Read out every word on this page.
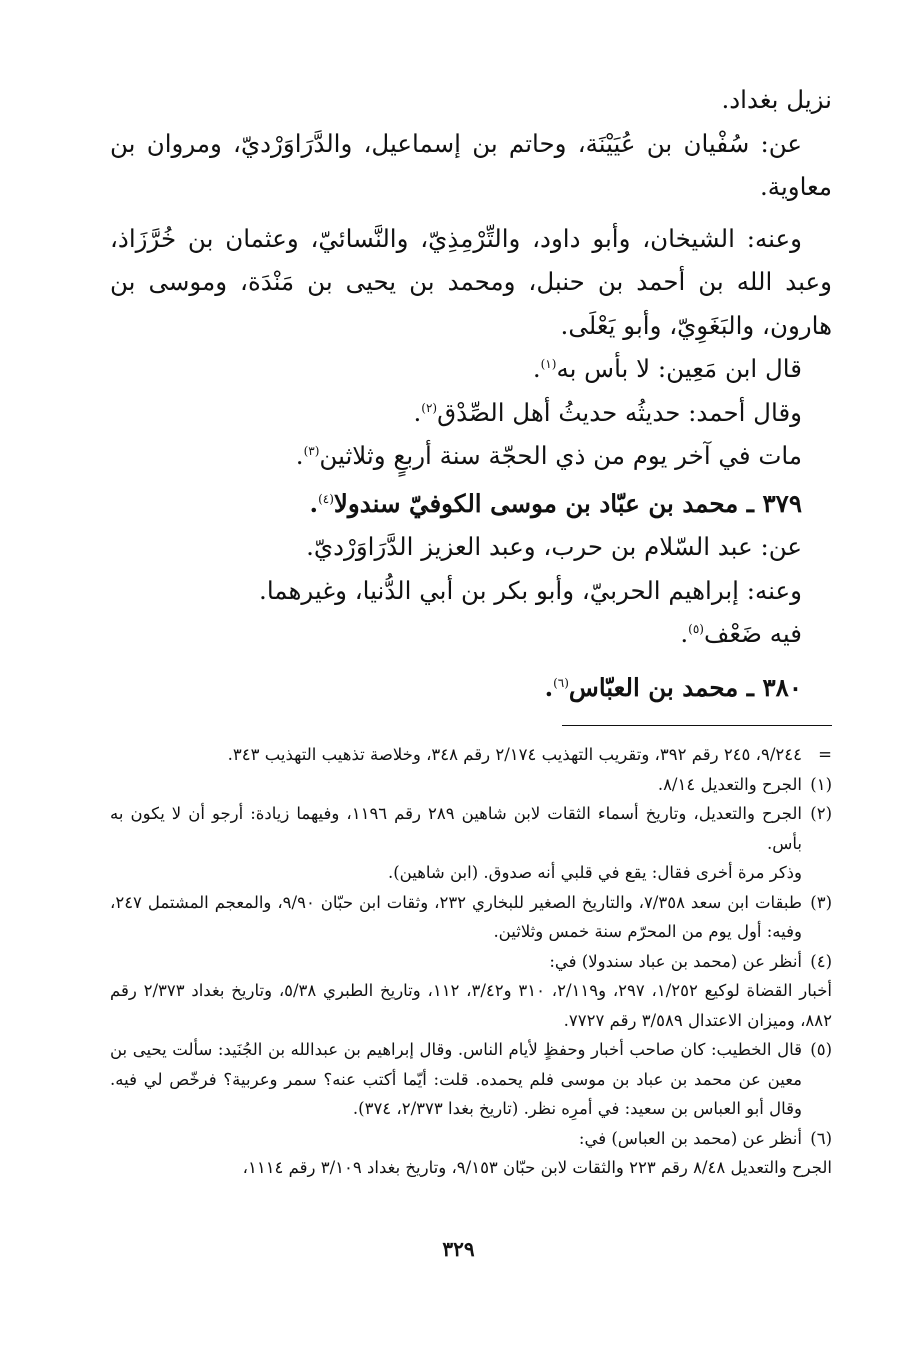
نزيل بغداد.

عن: سُفْيان بن عُيَيْنَة، وحاتم بن إسماعيل، والدَّرَاوَرْديّ، ومروان بن معاوية.

وعنه: الشيخان، وأبو داود، والتِّرْمِذِيّ، والنَّسائيّ، وعثمان بن خُرَّزَاذ، وعبد الله بن أحمد بن حنبل، ومحمد بن يحيى بن مَنْدَة، وموسى بن هارون، والبَغَوِيّ، وأبو يَعْلَى.

قال ابن مَعِين: لا بأس به$^{(١)}$.

وقال أحمد: حديثُه حديثُ أهل الصِّدْق$^{(٢)}$.

مات في آخر يوم من ذي الحجّة سنة أربعٍ وثلاثين$^{(٣)}$.

٣٧٩ ـ محمد بن عبّاد بن موسى الكوفيّ سندولا$^{(٤)}$.

عن: عبد السّلام بن حرب، وعبد العزيز الدَّرَاوَرْديّ.

وعنه: إبراهيم الحربيّ، وأبو بكر بن أبي الدُّنيا، وغيرهما.

فيه ضَعْف$^{(٥)}$.

٣٨٠ ـ محمد بن العبّاس$^{(٦)}$.

=
٩/٢٤٤، ٢٤٥ رقم ٣٩٢، وتقريب التهذيب ٢/١٧٤ رقم ٣٤٨، وخلاصة تذهيب التهذيب ٣٤٣.
(١)
الجرح والتعديل ٨/١٤.
(٢)
الجرح والتعديل، وتاريخ أسماء الثقات لابن شاهين ٢٨٩ رقم ١١٩٦، وفيهما زيادة: أرجو أن لا يكون به بأس.
وذكر مرة أخرى فقال: يقع في قلبي أنه صدوق. (ابن شاهين).
(٣)
طبقات ابن سعد ٧/٣٥٨، والتاريخ الصغير للبخاري ٢٣٢، وثقات ابن حبّان ٩/٩٠، والمعجم المشتمل ٢٤٧، وفيه: أول يوم من المحرّم سنة خمس وثلاثين.
(٤)
أنظر عن (محمد بن عباد سندولا) في:
أخبار القضاة لوكيع ١/٢٥٢، ٢٩٧، و٢/١١٩، ٣١٠ و٣/٤٢، ١١٢، وتاريخ الطبري ٥/٣٨، وتاريخ بغداد ٢/٣٧٣ رقم ٨٨٢، وميزان الاعتدال ٣/٥٨٩ رقم ٧٧٢٧.
(٥)
قال الخطيب: كان صاحب أخبار وحفظٍ لأيام الناس. وقال إبراهيم بن عبدالله بن الجُنَيد: سألت يحيى بن معين عن محمد بن عباد بن موسى فلم يحمده. قلت: أيّما أكتب عنه؟ سمر وعربية؟ فرخّص لي فيه. وقال أبو العباس بن سعيد: في أمرِه نظر. (تاريخ بغدا ٢/٣٧٣، ٣٧٤).
(٦)
أنظر عن (محمد بن العباس) في:
الجرح والتعديل ٨/٤٨ رقم ٢٢٣ والثقات لابن حبّان ٩/١٥٣، وتاريخ بغداد ٣/١٠٩ رقم ١١١٤،
٣٢٩
